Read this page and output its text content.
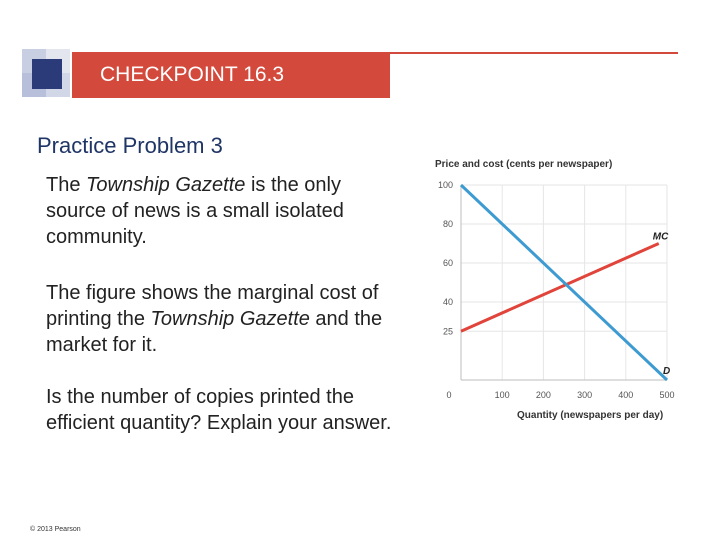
CHECKPOINT 16.3
Practice Problem 3

The Township Gazette is the only source of news is a small isolated community.

The figure shows the marginal cost of printing the Township Gazette and the market for it.

Is the number of copies printed the efficient quantity? Explain your answer.

© 2013 Pearson
Price and cost (cents per newspaper)
25
40
60
80
100
0	100	200	300	400	500
MC
D
Quantity (newspapers per day)
